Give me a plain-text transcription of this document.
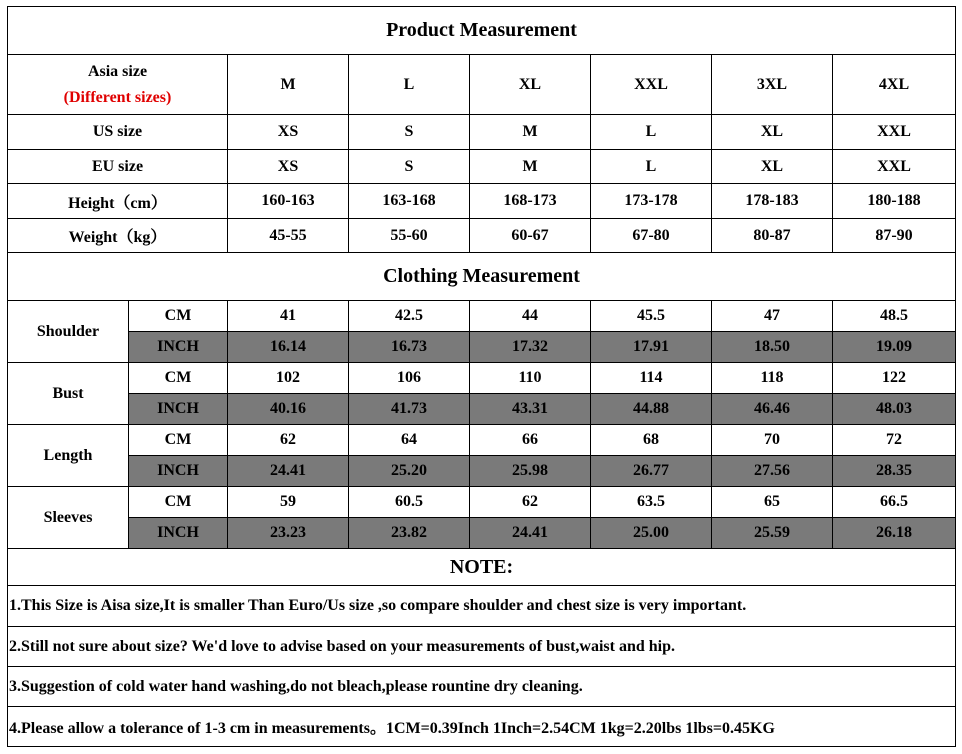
Product Measurement							

Asia size
(Different sizes)		M	L	XL	XXL	3XL	4XL
US size		XS	S	M	L	XL	XXL
EU size		XS	S	M	L	XL	XXL
Height（cm）		160-163	163-168	168-173	173-178	178-183	180-188
Weight（kg）		45-55	55-60	60-67	67-80	80-87	87-90
Clothing Measurement							
Shoulder	CM	41	42.5	44	45.5	47	48.5
	INCH	16.14	16.73	17.32	17.91	18.50	19.09
Bust	CM	102	106	110	114	118	122
	INCH	40.16	41.73	43.31	44.88	46.46	48.03
Length	CM	62	64	66	68	70	72
	INCH	24.41	25.20	25.98	26.77	27.56	28.35
Sleeves	CM	59	60.5	62	63.5	65	66.5
	INCH	23.23	23.82	24.41	25.00	25.59	26.18
NOTE:							
1.This Size is Aisa size,It is smaller Than Euro/Us size ,so compare shoulder and chest size is very important.							
2.Still not sure about size? We'd love to advise based on your measurements of bust,waist and hip.							
3.Suggestion of cold water hand washing,do not bleach,please rountine dry cleaning.							
4.Please allow a tolerance of 1-3 cm in measurements。1CM=0.39Inch 1Inch=2.54CM 1kg=2.20lbs 1lbs=0.45KG							
